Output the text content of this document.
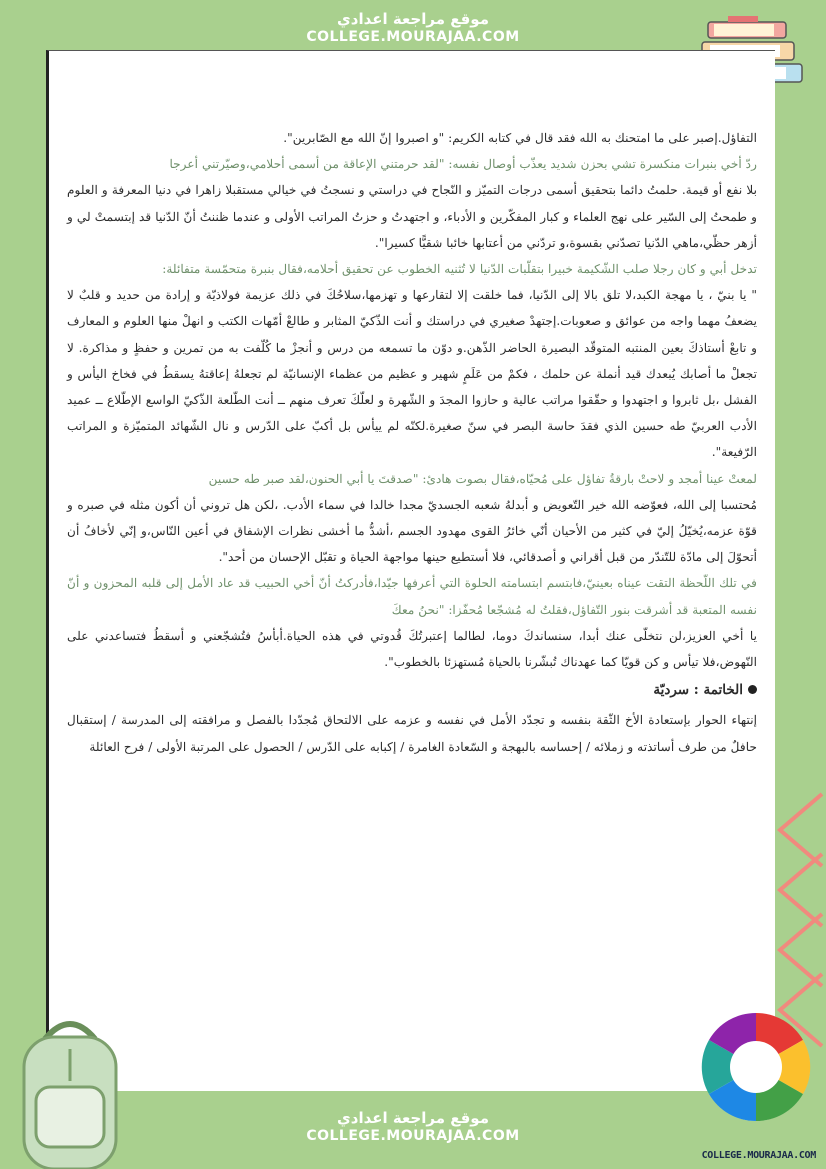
موقع مراجعة اعدادي
COLLEGE.MOURAJAA.COM

التفاؤل.إصبر على ما امتحنك به الله فقد قال في كتابه الكريم: "و اصبروا إنّ الله مع الصّابرين".

ردّ أخي بنبرات منكسرة تشي بحزن شديد يعذّب أوصال نفسه: "لقد حرمتني الإعاقة من أسمى أحلامي،وصيّرتني أعرجا

بلا نفع أو قيمة. حلمتُ دائما بتحقيق أسمى درجات التميّز و النّجاح في دراستي و نسجتُ في خيالي مستقبلا زاهرا في دنيا المعرفة و العلوم و طمحتُ إلى السّير على نهج العلماء و كبار المفكّرين و الأدباء، و اجتهدتُ و حزتُ المراتب الأولى و عندما ظننتُ أنّ الدّنيا قد إبتسمتْ لي و أزهر حظّي،ماهي الدّنيا تصدّني بقسوة،و تردّني من أعتابها خائبا شقيًّا كسيرا".

تدخل أبي و كان رجلا صلب الشّكيمة خبيرا بتقلّبات الدّنيا لا تُثنيه الخطوب عن تحقيق أحلامه،فقال بنبرة متحمّسة متفائلة:

" يا بنيّ ، يا مهجة الكبد،لا تلق بالا إلى الدّنيا، فما خلقت إلا لتقارعها و تهزمها،سلاحُكَ في ذلك عزيمة فولاذيّة و إرادة من حديد و قلبٌ لا يضعفُ مهما واجه من عوائق و صعوبات.إجتهدْ صغيري في دراستك و أنت الذّكيّ المثابر و طالعْ أمّهات الكتب و انهلْ منها العلوم و المعارف و تابعْ أستاذكَ بعين المنتبه المتوقّد البصيرة الحاضر الذّهن.و دوّن ما تسمعه من درس و أنجزْ ما كُلّفت به من تمرين و حفظٍ و مذاكرة. لا تجعلْ ما أصابك يُبعدك قيد أنملة عن حلمك ، فكمْ من عَلَمٍ شهير و عظيم من عظماء الإنسانيّة لم تجعلهُ إعاقتهُ يسقطُ في فخاخ اليأس و الفشل ،بل ثابروا و اجتهدوا و حقّقوا مراتب عالية و حازوا المجدَ و الشّهرة و لعلّكَ تعرف منهم ــ أنت الطّلعة الذّكيّ الواسع الإطّلاع ــ عميد الأدب العربيّ طه حسين الذي فقدَ حاسة البصر في سنّ صغيرة.لكنّه لم ييأس بل أكبّ على الدّرس و نال الشّهائد المتميّزة و المراتب الرّفيعة".

لمعتْ عينا أمجد و لاحتْ بارقةُ تفاؤل على مُحيّاه،فقال بصوت هادئ: "صدقتَ يا أبي الحنون،لقد صبر طه حسين

مُحتسبا إلى الله، فعوّضه الله خير التّعويض و أبدلهُ شعبه الجسديّ مجدا خالدا في سماء الأدب. ،لكن هل تروني أن أكون مثله في صبره و قوّة عزمه،يُخيّلُ إليّ في كثير من الأحيان أنّي خائرُ القوى مهدود الجسم ،أشدُّ ما أخشى نظرات الإشفاق في أعين النّاس،و إنّي لأخافُ أن أتحوّلَ إلى مادّة للتّندّر من قبل أقراني و أصدقائي، فلا أستطيع حينها مواجهة الحياة و تقبّل الإحسان من أحد".

في تلك اللّحظة التقت عيناه بعينيّ،فابتسم ابتسامته الحلوة التي أعرفها جيّدا،فأدركتُ أنّ أخي الحبيب قد عاد الأمل إلى قلبه المحزون و أنّ نفسه المتعبة قد أشرقت بنور التّفاؤل،فقلتُ له مُشجّعا مُحفّزا: "نحنُ معكَ

يا أخي العزيز،لن نتخلّى عنك أبدا، سنساندكَ دوما، لطالما إعتبرتُكَ قُدوتي في هذه الحياة.أبأسُ فتُشجّعني و أسقطُ فتساعدني على النّهوض،فلا تيأس و كن قويّا كما عهدناك تُبشّرنا بالحياة مُستهزئا بالخطوب".

الخاتمة : سرديّة

إنتهاء الحوار بإستعادة الأخ الثّقة بنفسه و تجدّد الأمل في نفسه و عزمه على الالتحاق مُجدّدا بالفصل و مرافقته إلى المدرسة / إستقبال حافلٌ من طرف أساتذته و زملائه / إحساسه بالبهجة و السّعادة الغامرة / إكبابه على الدّرس / الحصول على المرتبة الأولى / فرح العائلة

COLLEGE.MOURAJAA.COM
موقع مراجعة اعدادي
COLLEGE.MOURAJAA.COM
